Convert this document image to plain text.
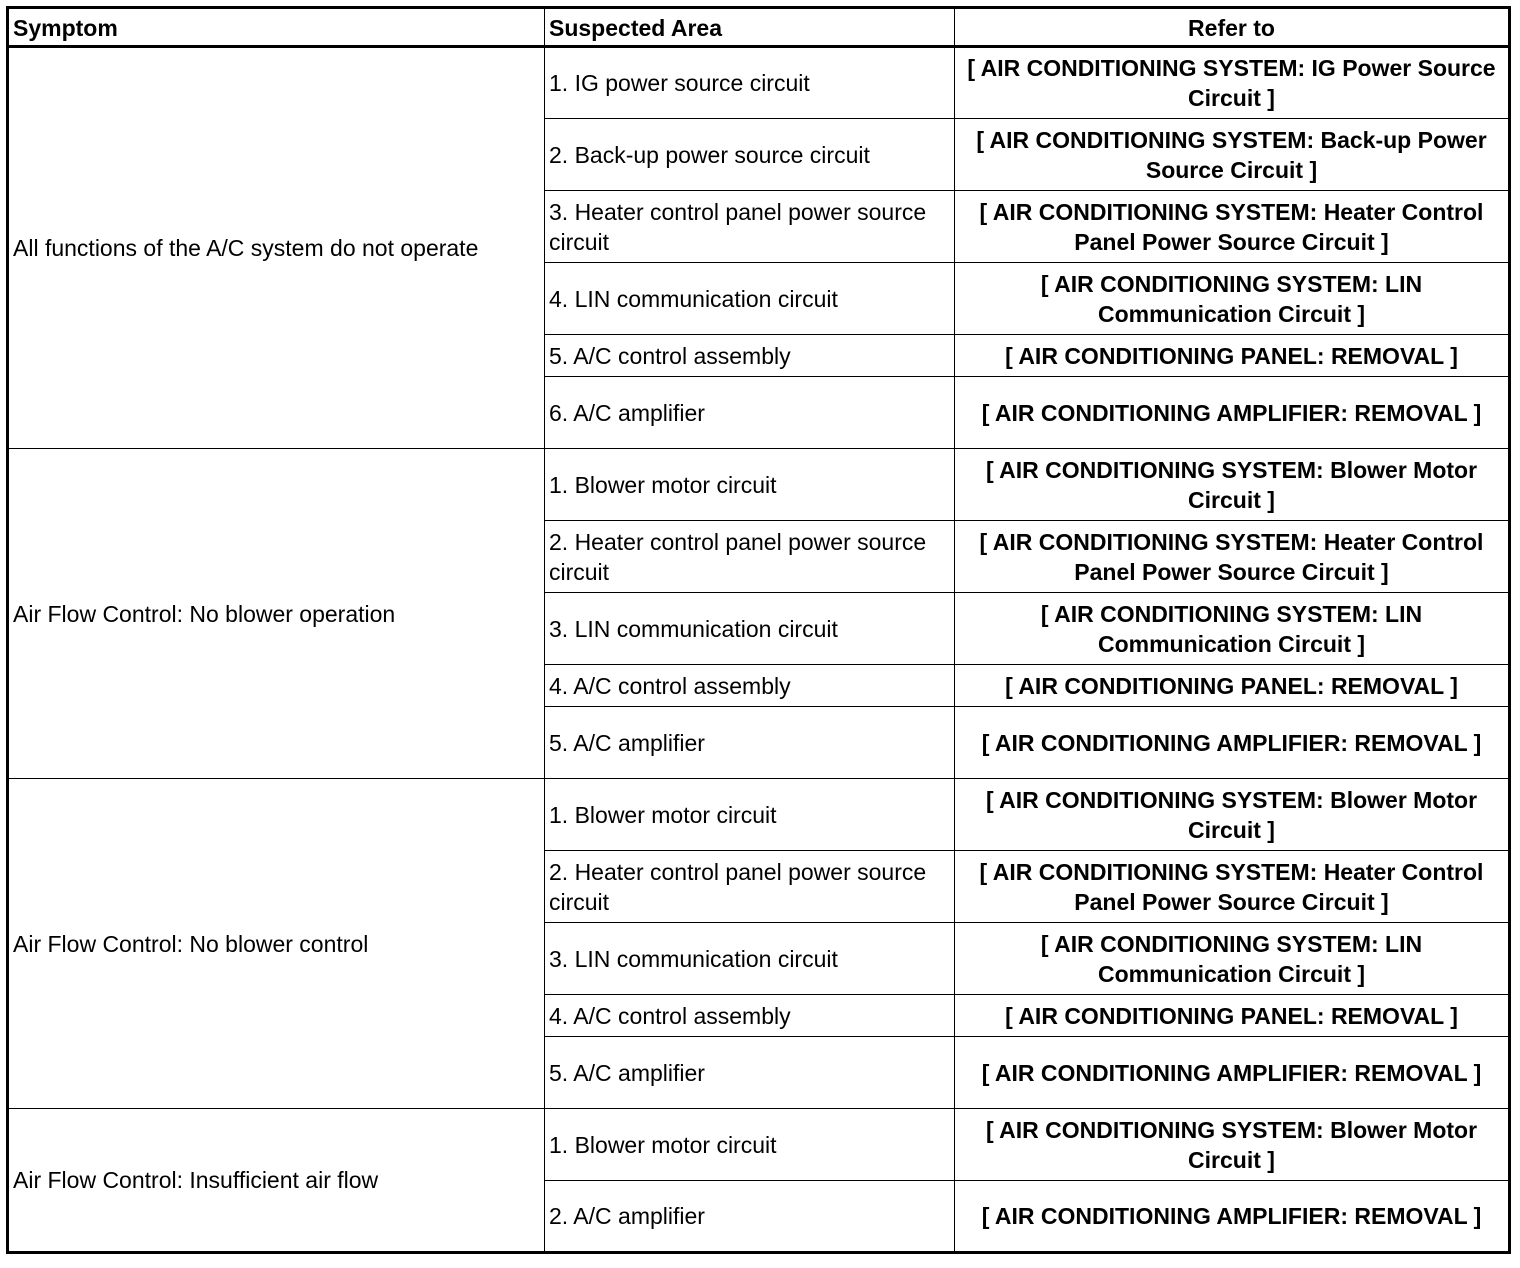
Symptom	Suspected Area	Refer to
All functions of the A/C system do not operate	1. IG power source circuit	[ AIR CONDITIONING SYSTEM: IG Power Source Circuit ]
	2. Back-up power source circuit	[ AIR CONDITIONING SYSTEM: Back-up Power Source Circuit ]
	3. Heater control panel power source circuit	[ AIR CONDITIONING SYSTEM: Heater Control Panel Power Source Circuit ]
	4. LIN communication circuit	[ AIR CONDITIONING SYSTEM: LIN Communication Circuit ]
	5. A/C control assembly	[ AIR CONDITIONING PANEL: REMOVAL ]
	6. A/C amplifier	[ AIR CONDITIONING AMPLIFIER: REMOVAL ]
Air Flow Control: No blower operation	1. Blower motor circuit	[ AIR CONDITIONING SYSTEM: Blower Motor Circuit ]
	2. Heater control panel power source circuit	[ AIR CONDITIONING SYSTEM: Heater Control Panel Power Source Circuit ]
	3. LIN communication circuit	[ AIR CONDITIONING SYSTEM: LIN Communication Circuit ]
	4. A/C control assembly	[ AIR CONDITIONING PANEL: REMOVAL ]
	5. A/C amplifier	[ AIR CONDITIONING AMPLIFIER: REMOVAL ]
Air Flow Control: No blower control	1. Blower motor circuit	[ AIR CONDITIONING SYSTEM: Blower Motor Circuit ]
	2. Heater control panel power source circuit	[ AIR CONDITIONING SYSTEM: Heater Control Panel Power Source Circuit ]
	3. LIN communication circuit	[ AIR CONDITIONING SYSTEM: LIN Communication Circuit ]
	4. A/C control assembly	[ AIR CONDITIONING PANEL: REMOVAL ]
	5. A/C amplifier	[ AIR CONDITIONING AMPLIFIER: REMOVAL ]
Air Flow Control: Insufficient air flow	1. Blower motor circuit	[ AIR CONDITIONING SYSTEM: Blower Motor Circuit ]
	2. A/C amplifier	[ AIR CONDITIONING AMPLIFIER: REMOVAL ]
